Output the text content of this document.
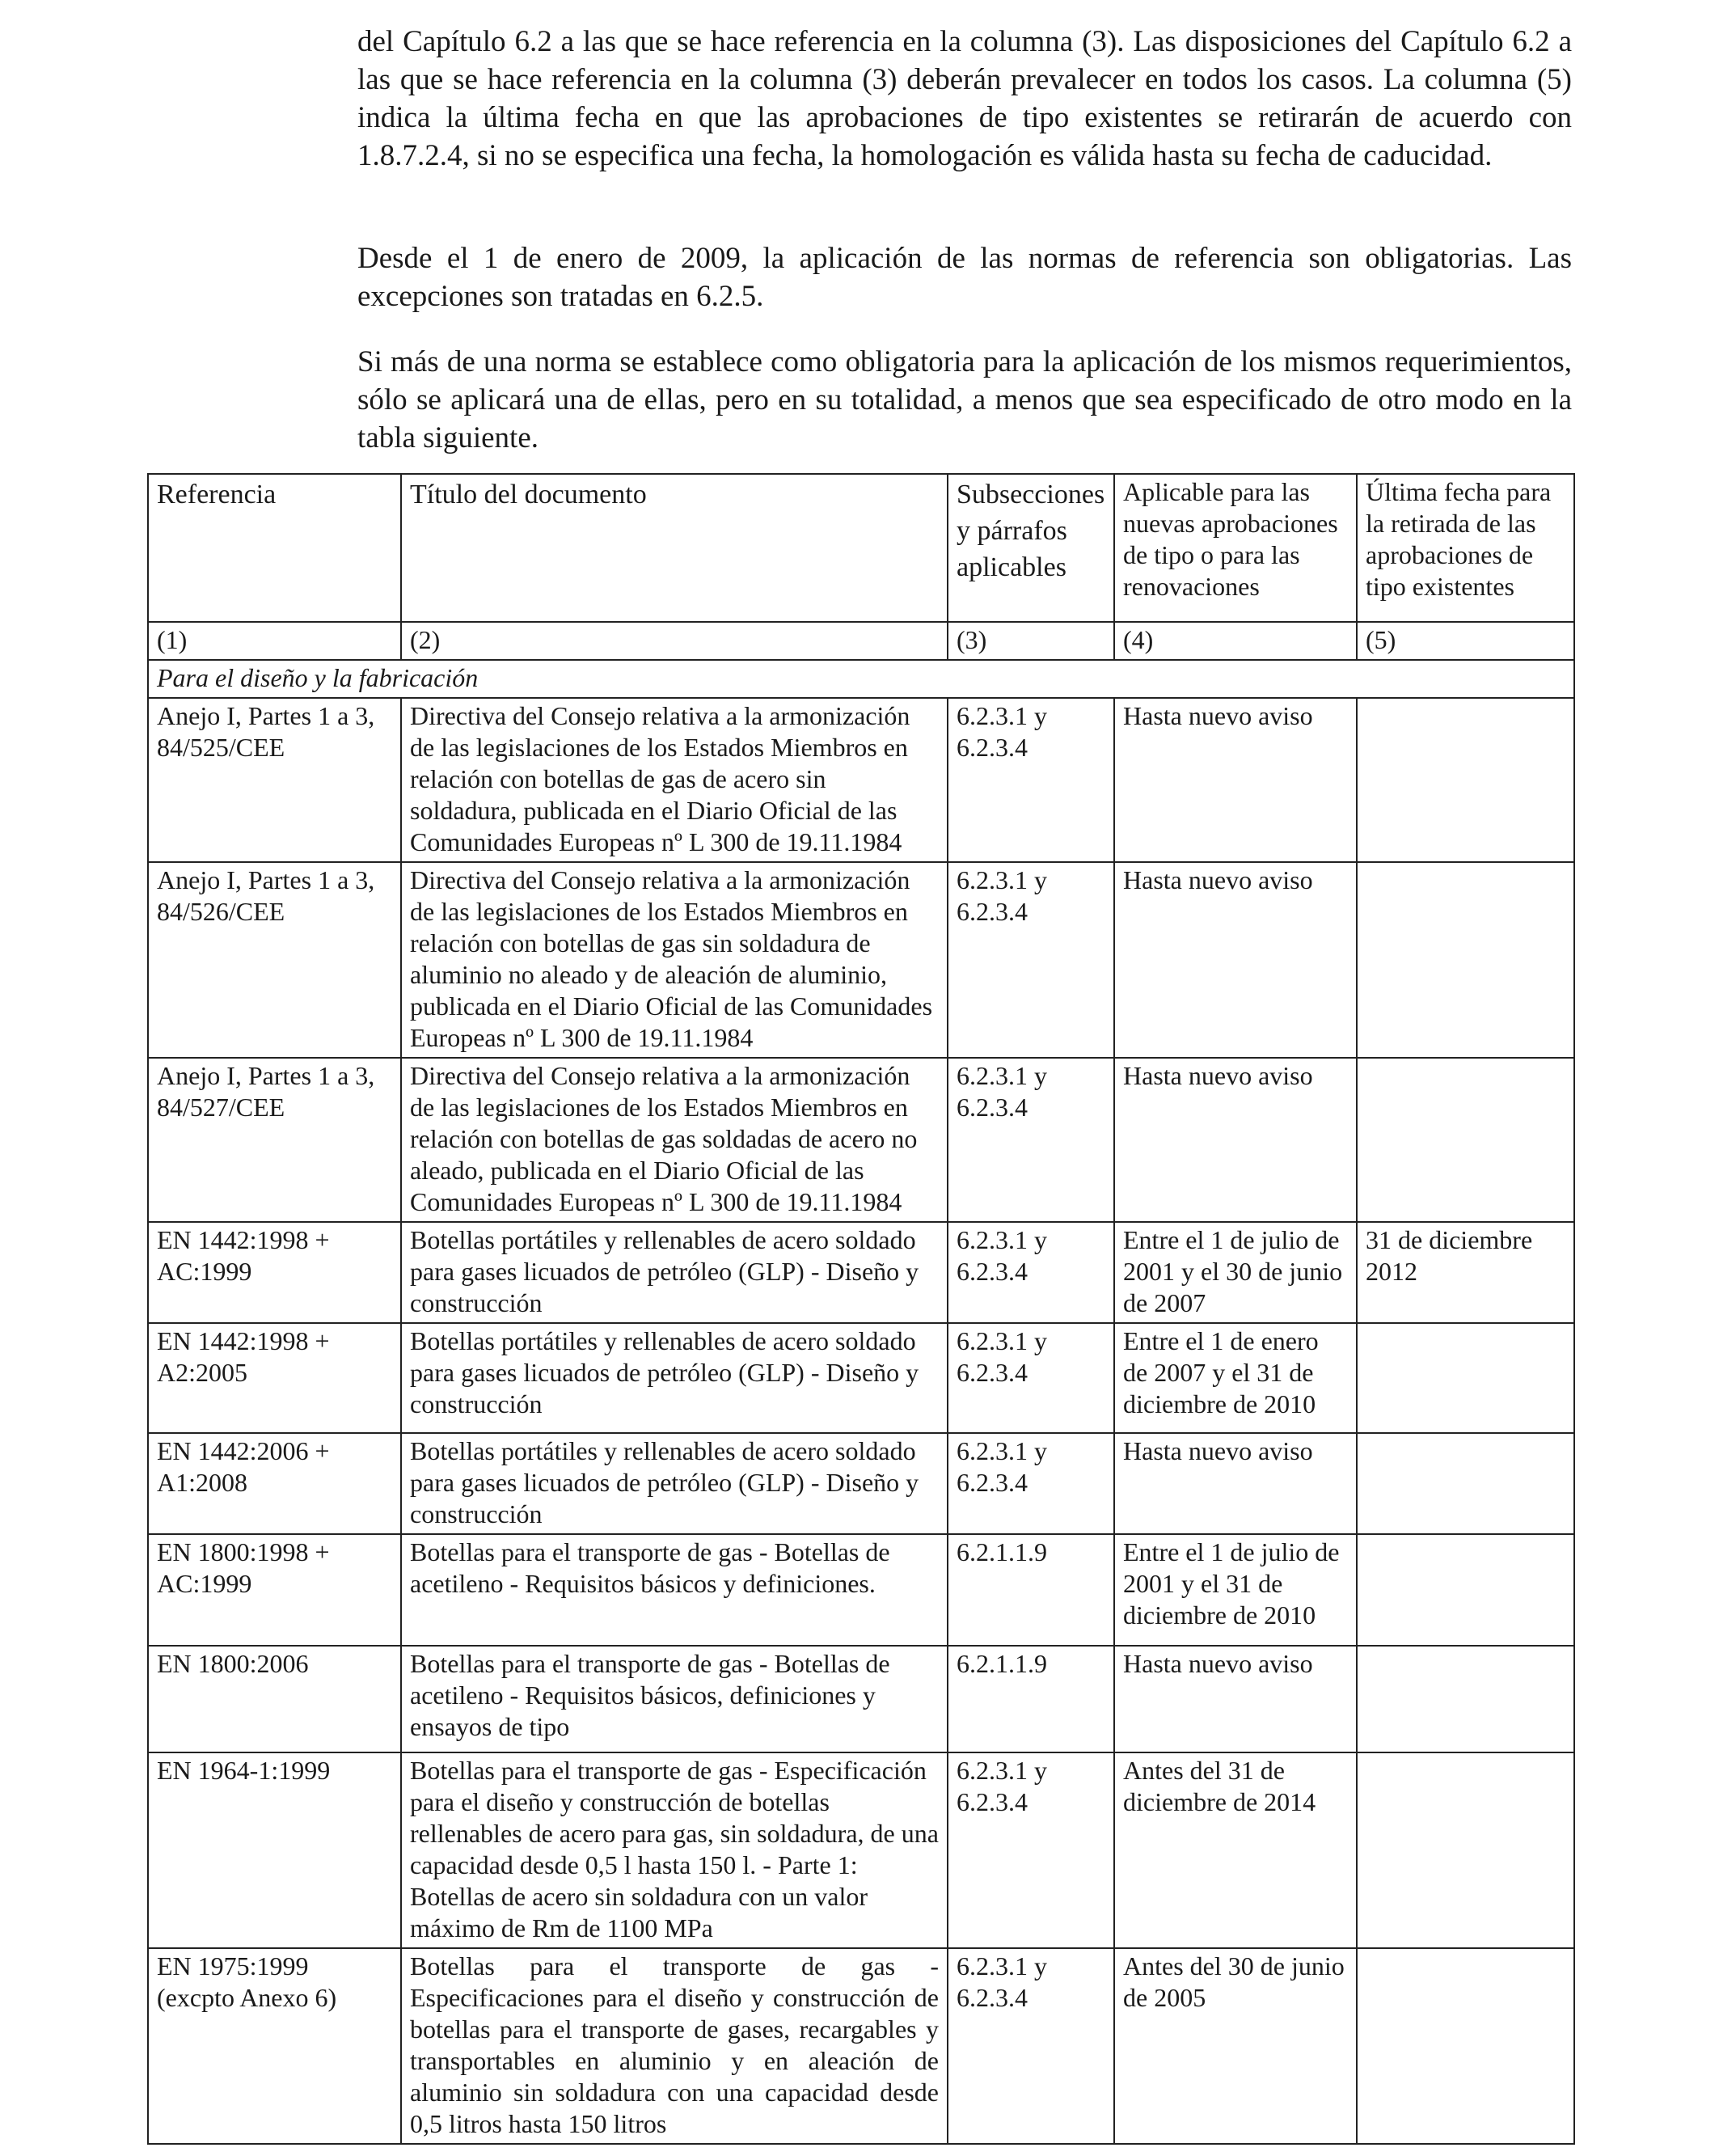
del Capítulo 6.2 a las que se hace referencia en la columna (3). Las disposiciones del Capítulo 6.2 a las que se hace referencia en la columna (3) deberán prevalecer en todos los casos. La columna (5) indica la última fecha en que las aprobaciones de tipo existentes se retirarán de acuerdo con 1.8.7.2.4, si no se especifica una fecha, la homologación es válida hasta su fecha de caducidad.

Desde el 1 de enero de 2009, la aplicación de las normas de referencia son obligatorias. Las excepciones son tratadas en 6.2.5.

Si más de una norma se establece como obligatoria para la aplicación de los mismos requerimientos, sólo se aplicará una de ellas, pero en su totalidad, a menos que sea especificado de otro modo en la tabla siguiente.

Referencia	Título del documento	Subsecciones y párrafos aplicables	Aplicable para las nuevas aprobaciones de tipo o para las renovaciones	Última fecha para la retirada de las aprobaciones de tipo existentes
(1)	(2)	(3)	(4)	(5)
Para el diseño y la fabricación				
Anejo I, Partes 1 a 3, 84/525/CEE	Directiva del Consejo relativa a la armonización de las legislaciones de los Estados Miembros en relación con botellas de gas de acero sin soldadura, publicada en el Diario Oficial de las Comunidades Europeas nº L 300 de 19.11.1984	6.2.3.1 y 6.2.3.4	Hasta nuevo aviso	
Anejo I, Partes 1 a 3, 84/526/CEE	Directiva del Consejo relativa a la armonización de las legislaciones de los Estados Miembros en relación con botellas de gas sin soldadura de aluminio no aleado y de aleación de aluminio, publicada en el Diario Oficial de las Comunidades Europeas nº L 300 de 19.11.1984	6.2.3.1 y 6.2.3.4	Hasta nuevo aviso	
Anejo I, Partes 1 a 3, 84/527/CEE	Directiva del Consejo relativa a la armonización de las legislaciones de los Estados Miembros en relación con botellas de gas soldadas de acero no aleado, publicada en el Diario Oficial de las Comunidades Europeas nº L 300 de 19.11.1984	6.2.3.1 y 6.2.3.4	Hasta nuevo aviso	
EN 1442:1998 + AC:1999	Botellas portátiles y rellenables de acero soldado para gases licuados de petróleo (GLP) - Diseño y construcción	6.2.3.1 y 6.2.3.4	Entre el 1 de julio de 2001 y el 30 de junio de 2007	31 de diciembre 2012
EN 1442:1998 + A2:2005	Botellas portátiles y rellenables de acero soldado para gases licuados de petróleo (GLP) - Diseño y construcción	6.2.3.1 y 6.2.3.4	Entre el 1 de enero de 2007 y el 31 de diciembre de 2010	
EN 1442:2006 + A1:2008	Botellas portátiles y rellenables de acero soldado para gases licuados de petróleo (GLP) - Diseño y construcción	6.2.3.1 y 6.2.3.4	Hasta nuevo aviso	
EN 1800:1998 + AC:1999	Botellas para el transporte de gas - Botellas de acetileno - Requisitos básicos y definiciones.	6.2.1.1.9	Entre el 1 de julio de 2001 y el 31 de diciembre de 2010	
EN 1800:2006	Botellas para el transporte de gas - Botellas de acetileno - Requisitos básicos, definiciones y ensayos de tipo	6.2.1.1.9	Hasta nuevo aviso	
EN 1964-1:1999	Botellas para el transporte de gas - Especificación para el diseño y construcción de botellas rellenables de acero para gas, sin soldadura, de una capacidad desde 0,5 l hasta 150 l. - Parte 1: Botellas de acero sin soldadura con un valor máximo de Rm de 1100 MPa	6.2.3.1 y 6.2.3.4	Antes del 31 de diciembre de 2014	
EN 1975:1999 (excpto Anexo 6)	Botellas para el transporte de gas - Especificaciones para el diseño y construcción de botellas para el transporte de gases, recargables y transportables en aluminio y en aleación de aluminio sin soldadura con una capacidad desde 0,5 litros hasta 150 litros	6.2.3.1 y 6.2.3.4	Antes del 30 de junio de 2005	
